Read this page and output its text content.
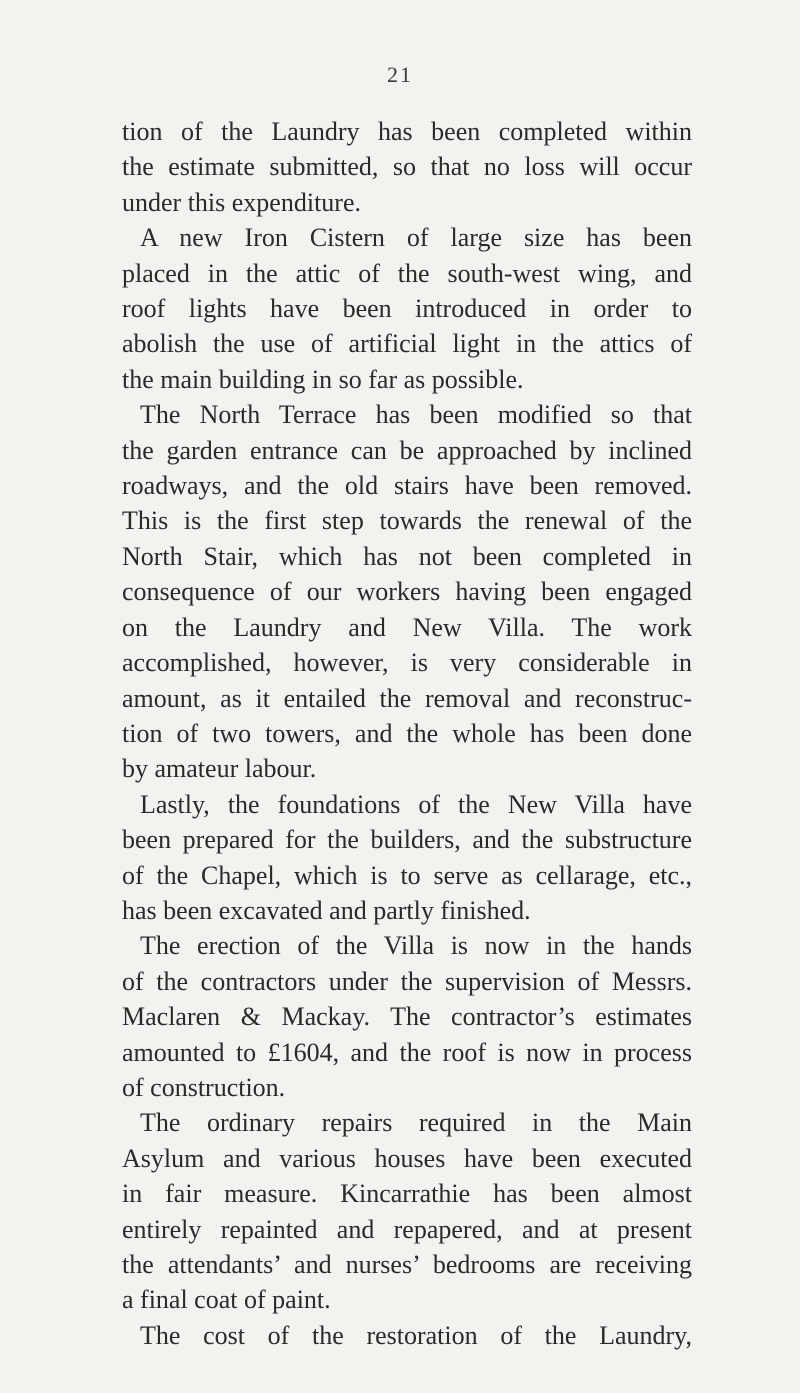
21
tion of the Laundry has been completed within
the estimate submitted, so that no loss will occur
under this expenditure.
A new Iron Cistern of large size has been
placed in the attic of the south-west wing, and
roof lights have been introduced in order to
abolish the use of artificial light in the attics of
the main building in so far as possible.
The North Terrace has been modified so that
the garden entrance can be approached by inclined
roadways, and the old stairs have been removed.
This is the first step towards the renewal of the
North Stair, which has not been completed in
consequence of our workers having been engaged
on the Laundry and New Villa. The work
accomplished, however, is very considerable in
amount, as it entailed the removal and reconstruc-
tion of two towers, and the whole has been done
by amateur labour.
Lastly, the foundations of the New Villa have
been prepared for the builders, and the substructure
of the Chapel, which is to serve as cellarage, etc.,
has been excavated and partly finished.
The erection of the Villa is now in the hands
of the contractors under the supervision of Messrs.
Maclaren & Mackay. The contractor’s estimates
amounted to £1604, and the roof is now in process
of construction.
The ordinary repairs required in the Main
Asylum and various houses have been executed
in fair measure. Kincarrathie has been almost
entirely repainted and repapered, and at present
the attendants’ and nurses’ bedrooms are receiving
a final coat of paint.
The cost of the restoration of the Laundry,
